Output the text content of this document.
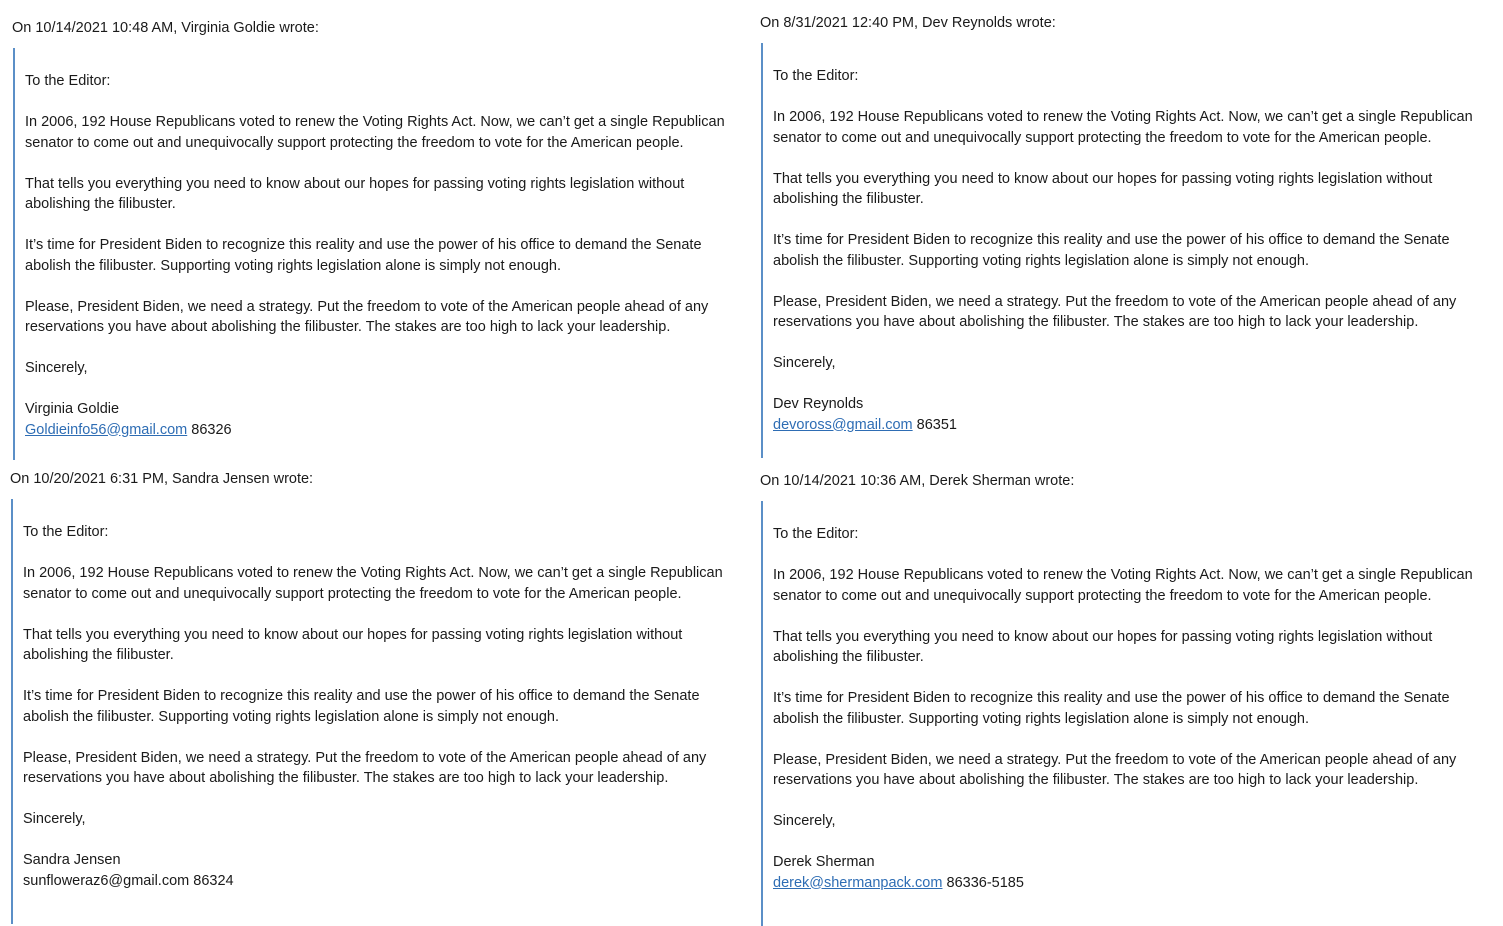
On 10/14/2021 10:48 AM, Virginia Goldie wrote:

To the Editor:

In 2006, 192 House Republicans voted to renew the Voting Rights Act. Now, we can’t get a single Republican

senator to come out and unequivocally support protecting the freedom to vote for the American people.

That tells you everything you need to know about our hopes for passing voting rights legislation without

abolishing the filibuster.

It’s time for President Biden to recognize this reality and use the power of his office to demand the Senate

abolish the filibuster. Supporting voting rights legislation alone is simply not enough.

Please, President Biden, we need a strategy. Put the freedom to vote of the American people ahead of any

reservations you have about abolishing the filibuster. The stakes are too high to lack your leadership.

Sincerely,

Virginia Goldie

Goldieinfo56@gmail.com 86326

On 8/31/2021 12:40 PM, Dev Reynolds wrote:

To the Editor:

In 2006, 192 House Republicans voted to renew the Voting Rights Act. Now, we can’t get a single Republican

senator to come out and unequivocally support protecting the freedom to vote for the American people.

That tells you everything you need to know about our hopes for passing voting rights legislation without

abolishing the filibuster.

It’s time for President Biden to recognize this reality and use the power of his office to demand the Senate

abolish the filibuster. Supporting voting rights legislation alone is simply not enough.

Please, President Biden, we need a strategy. Put the freedom to vote of the American people ahead of any

reservations you have about abolishing the filibuster. The stakes are too high to lack your leadership.

Sincerely,

Dev Reynolds

devoross@gmail.com 86351

On 10/20/2021 6:31 PM, Sandra Jensen wrote:

To the Editor:

In 2006, 192 House Republicans voted to renew the Voting Rights Act. Now, we can’t get a single Republican

senator to come out and unequivocally support protecting the freedom to vote for the American people.

That tells you everything you need to know about our hopes for passing voting rights legislation without

abolishing the filibuster.

It’s time for President Biden to recognize this reality and use the power of his office to demand the Senate

abolish the filibuster. Supporting voting rights legislation alone is simply not enough.

Please, President Biden, we need a strategy. Put the freedom to vote of the American people ahead of any

reservations you have about abolishing the filibuster. The stakes are too high to lack your leadership.

Sincerely,

Sandra Jensen

sunfloweraz6@gmail.com 86324

On 10/14/2021 10:36 AM, Derek Sherman wrote:

To the Editor:

In 2006, 192 House Republicans voted to renew the Voting Rights Act. Now, we can’t get a single Republican

senator to come out and unequivocally support protecting the freedom to vote for the American people.

That tells you everything you need to know about our hopes for passing voting rights legislation without

abolishing the filibuster.

It’s time for President Biden to recognize this reality and use the power of his office to demand the Senate

abolish the filibuster. Supporting voting rights legislation alone is simply not enough.

Please, President Biden, we need a strategy. Put the freedom to vote of the American people ahead of any

reservations you have about abolishing the filibuster. The stakes are too high to lack your leadership.

Sincerely,

Derek Sherman

derek@shermanpack.com 86336-5185
